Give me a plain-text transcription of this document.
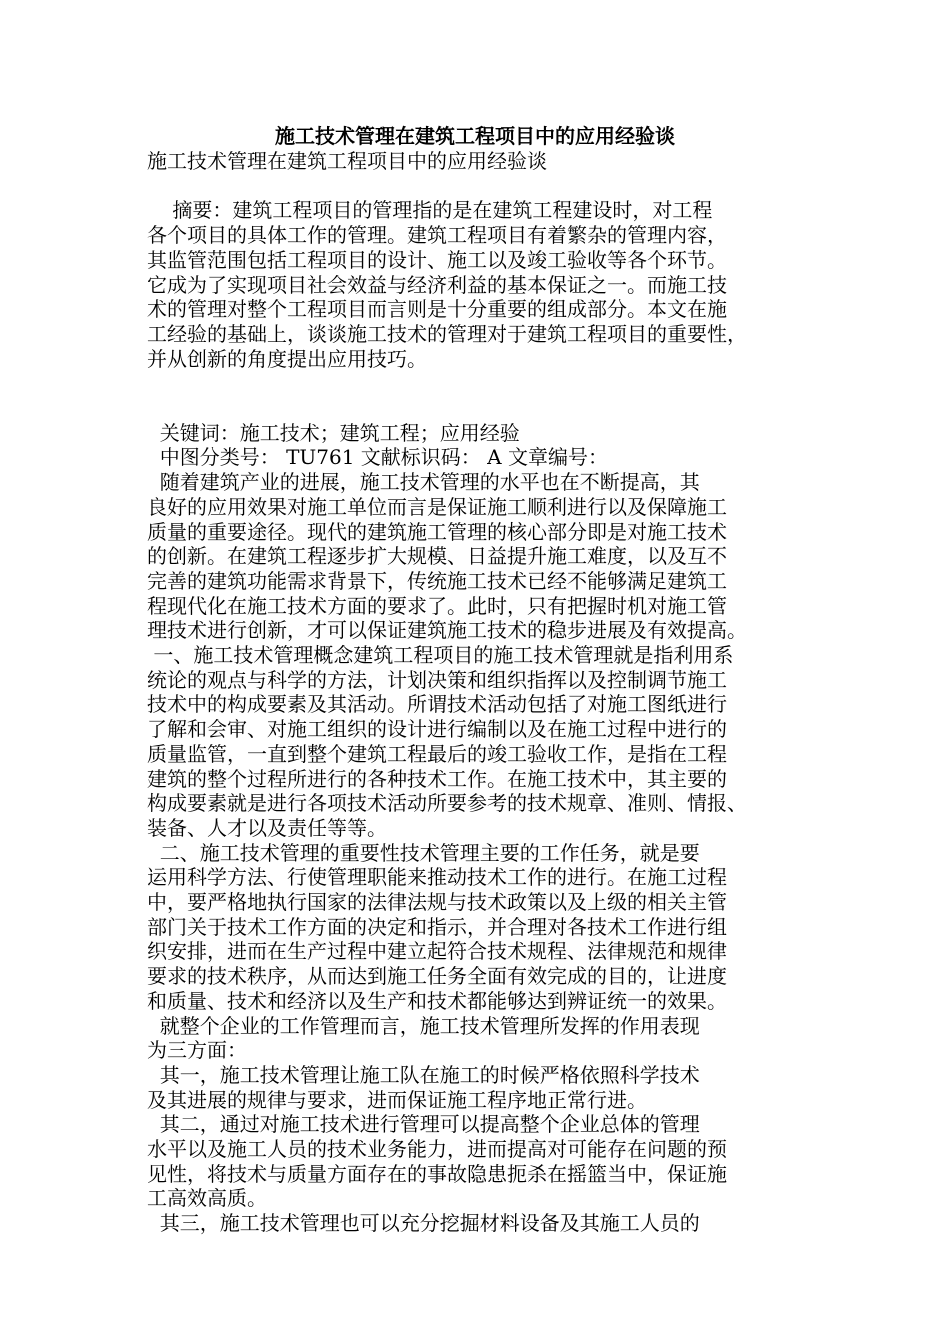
施工技术管理在建筑工程项目中的应用经验谈

施工技术管理在建筑工程项目中的应用经验谈

摘要：建筑工程项目的管理指的是在建筑工程建设时，对工程

各个项目的具体工作的管理。建筑工程项目有着繁杂的管理内容，

其监管范围包括工程项目的设计、施工以及竣工验收等各个环节。

它成为了实现项目社会效益与经济利益的基本保证之一。而施工技

术的管理对整个工程项目而言则是十分重要的组成部分。本文在施

工经验的基础上，谈谈施工技术的管理对于建筑工程项目的重要性，

并从创新的角度提出应用技巧。

关键词：施工技术；建筑工程；应用经验

中图分类号： TU761 文献标识码： A 文章编号：

随着建筑产业的进展，施工技术管理的水平也在不断提高，其

良好的应用效果对施工单位而言是保证施工顺利进行以及保障施工

质量的重要途径。现代的建筑施工管理的核心部分即是对施工技术

的创新。在建筑工程逐步扩大规模、日益提升施工难度，以及互不

完善的建筑功能需求背景下，传统施工技术已经不能够满足建筑工

程现代化在施工技术方面的要求了。此时，只有把握时机对施工管

理技术进行创新，才可以保证建筑施工技术的稳步进展及有效提高。

一、施工技术管理概念建筑工程项目的施工技术管理就是指利用系

统论的观点与科学的方法，计划决策和组织指挥以及控制调节施工

技术中的构成要素及其活动。所谓技术活动包括了对施工图纸进行

了解和会审、对施工组织的设计进行编制以及在施工过程中进行的

质量监管，一直到整个建筑工程最后的竣工验收工作，是指在工程

建筑的整个过程所进行的各种技术工作。在施工技术中，其主要的

构成要素就是进行各项技术活动所要参考的技术规章、准则、情报、

装备、人才以及责任等等。

二、施工技术管理的重要性技术管理主要的工作任务，就是要

运用科学方法、行使管理职能来推动技术工作的进行。在施工过程

中，要严格地执行国家的法律法规与技术政策以及上级的相关主管

部门关于技术工作方面的决定和指示，并合理对各技术工作进行组

织安排，进而在生产过程中建立起符合技术规程、法律规范和规律

要求的技术秩序，从而达到施工任务全面有效完成的目的，让进度

和质量、技术和经济以及生产和技术都能够达到辨证统一的效果。

就整个企业的工作管理而言，施工技术管理所发挥的作用表现

为三方面：

其一，施工技术管理让施工队在施工的时候严格依照科学技术

及其进展的规律与要求，进而保证施工程序地正常行进。

其二，通过对施工技术进行管理可以提高整个企业总体的管理

水平以及施工人员的技术业务能力，进而提高对可能存在问题的预

见性，将技术与质量方面存在的事故隐患扼杀在摇篮当中，保证施

工高效高质。

其三，施工技术管理也可以充分挖掘材料设备及其施工人员的
